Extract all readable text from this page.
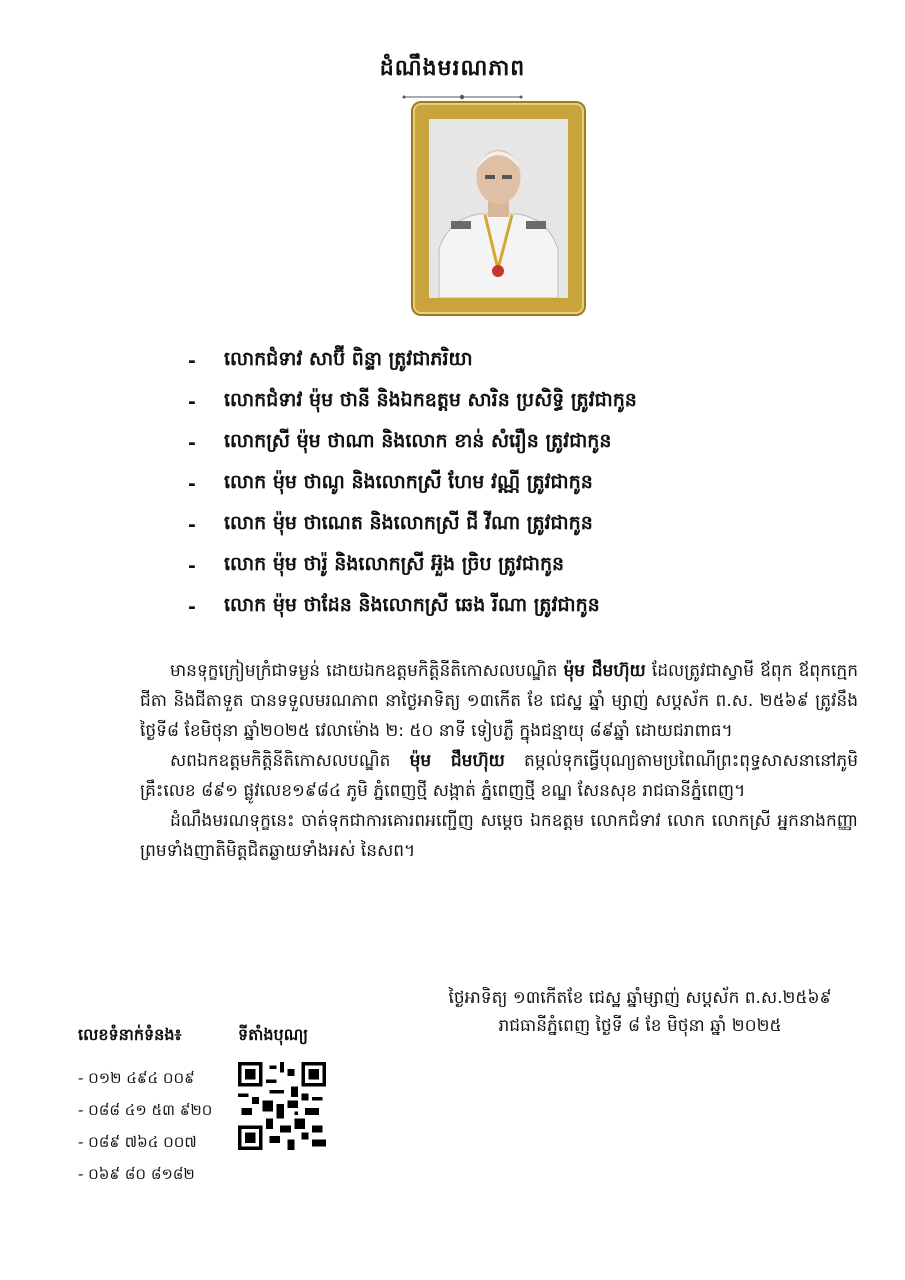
ដំណឹងមរណភាព
-	លោកជំទាវ សាប៊ី ពិន្ទា ត្រូវជាភរិយា
-	លោកជំទាវ ម៉ុម ថានី និងឯកឧត្តម សារិន ប្រសិទ្ធិ ត្រូវជាកូន
-	លោកស្រី ម៉ុម ថាណា និងលោក ខាន់ សំរឿន ត្រូវជាកូន
-	លោក ម៉ុម ថាណូ និងលោកស្រី ហែម វណ្ណី ត្រូវជាកូន
-	លោក ម៉ុម ថាណេត និងលោកស្រី ជី វីណា ត្រូវជាកូន
-	លោក ម៉ុម ថារ៉ូ និងលោកស្រី អ៊ួង ច្រិប ត្រូវជាកូន
-	លោក ម៉ុម ថាដែន និងលោកស្រី ឆេង រីណា ត្រូវជាកូន

មានទុក្ខក្រៀមក្រំជាទម្ងន់ ដោយឯកឧត្តមកិត្តិនីតិកោសលបណ្ឌិត ម៉ុម ជឹមហ៊ុយ ដែលត្រូវជាស្វាមី ឪពុក ឪពុកក្មេក ជីតា និងជីតាទួត បានទទួលមរណភាព នាថ្ងៃអាទិត្យ ១៣កើត ខែ ជេស្ឋ ឆ្នាំ ម្សាញ់ សប្តស័ក ព.ស. ២៥៦៩ ត្រូវនឹងថ្ងៃទី៨ ខែមិថុនា ឆ្នាំ២០២៥ វេលាម៉ោង ២: ៥០ នាទី ទៀបភ្លឺ ក្នុងជន្មាយុ ៨៩ឆ្នាំ ដោយជរាពាធ។

សពឯកឧត្តមកិត្តិនីតិកោសលបណ្ឌិត ម៉ុម ជឹមហ៊ុយ តម្កល់ទុកធ្វើបុណ្យតាមប្រពៃណីព្រះពុទ្ធសាសនានៅភូមិគ្រឹះលេខ ៨៩១ ផ្លូវលេខ១៩៨៤ ភូមិ ភ្នំពេញថ្មី សង្កាត់ ភ្នំពេញថ្មី ខណ្ឌ សែនសុខ រាជធានីភ្នំពេញ។

ដំណឹងមរណទុក្ខនេះ ចាត់ទុកជាការគោរពអញ្ជើញ សម្តេច ឯកឧត្តម លោកជំទាវ លោក លោកស្រី អ្នកនាងកញ្ញា ព្រមទាំងញាតិមិត្តជិតឆ្ងាយទាំងអស់ នៃសព។

ថ្ងៃអាទិត្យ ១៣កើតខែ ជេស្ឋ ឆ្នាំម្សាញ់ សប្តស័ក ព.ស.២៥៦៩
រាជធានីភ្នំពេញ ថ្ងៃទី ៨ ខែ មិថុនា ឆ្នាំ ២០២៥
លេខទំនាក់ទំនង៖
- ០១២ ៤៩៤ ០០៩
- ០៨៨ ៤១ ៥៣ ៩២០
- ០៨៩ ៧៦៤ ០០៧
- ០៦៩ ៨០ ៨១៨២
ទីតាំងបុណ្យ
